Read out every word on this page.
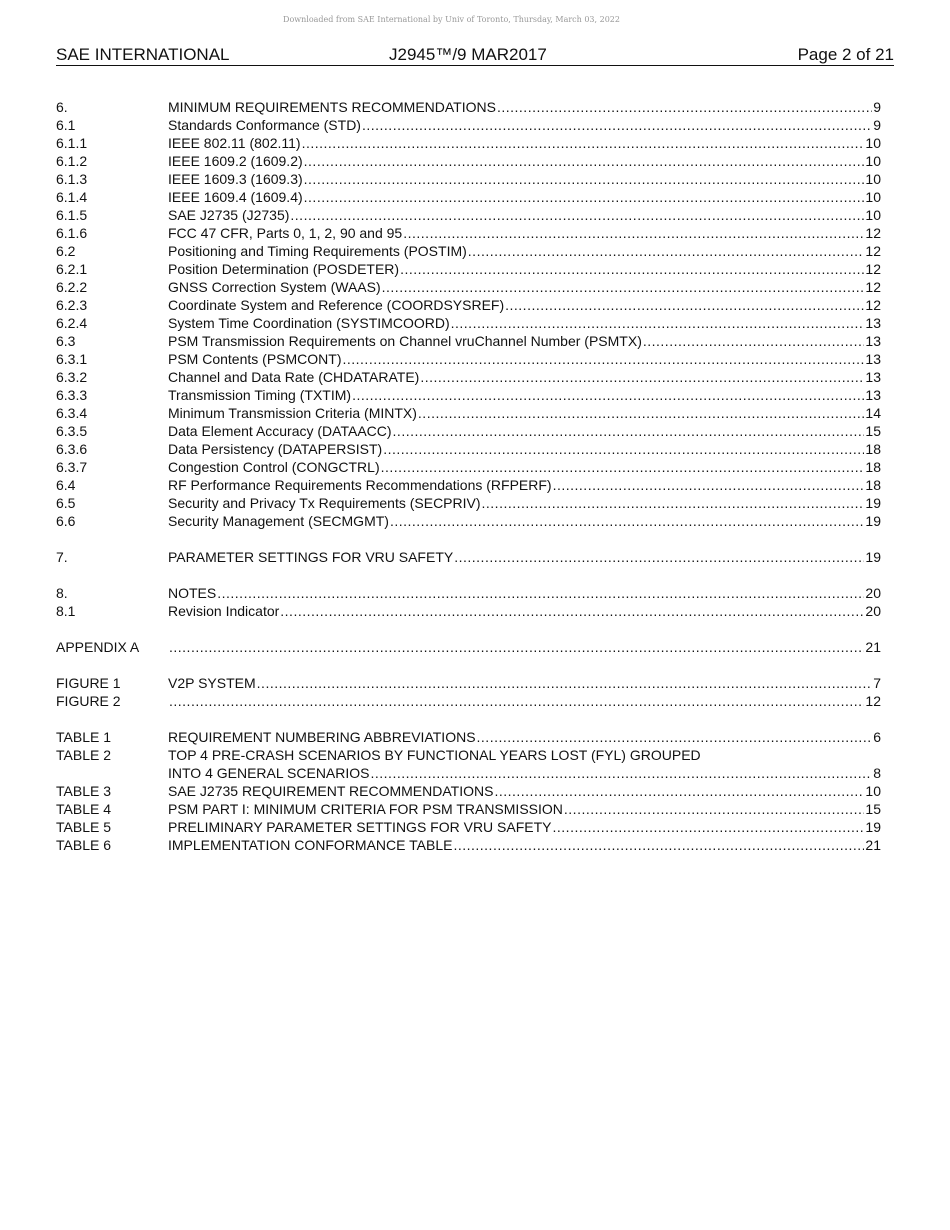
Downloaded from SAE International by Univ of Toronto, Thursday, March 03, 2022
SAE INTERNATIONAL	J2945™/9 MAR2017	Page 2 of 21
6.	MINIMUM REQUIREMENTS RECOMMENDATIONS .....	9
6.1	Standards Conformance (STD) .....	9
6.1.1	IEEE 802.11 (802.11) .....	10
6.1.2	IEEE 1609.2 (1609.2) .....	10
6.1.3	IEEE 1609.3 (1609.3) .....	10
6.1.4	IEEE 1609.4 (1609.4) .....	10
6.1.5	SAE J2735 (J2735) .....	10
6.1.6	FCC 47 CFR, Parts 0, 1, 2, 90 and 95 .....	12
6.2	Positioning and Timing Requirements (POSTIM) .....	12
6.2.1	Position Determination (POSDETER) .....	12
6.2.2	GNSS Correction System (WAAS) .....	12
6.2.3	Coordinate System and Reference (COORDSYSREF) .....	12
6.2.4	System Time Coordination (SYSTIMCOORD) .....	13
6.3	PSM Transmission Requirements on Channel vruChannel Number (PSMTX) .....	13
6.3.1	PSM Contents (PSMCONT) .....	13
6.3.2	Channel and Data Rate (CHDATARATE) .....	13
6.3.3	Transmission Timing (TXTIM) .....	13
6.3.4	Minimum Transmission Criteria (MINTX) .....	14
6.3.5	Data Element Accuracy (DATAACC) .....	15
6.3.6	Data Persistency (DATAPERSIST) .....	18
6.3.7	Congestion Control (CONGCTRL) .....	18
6.4	RF Performance Requirements Recommendations (RFPERF) .....	18
6.5	Security and Privacy Tx Requirements (SECPRIV) .....	19
6.6	Security Management (SECMGMT) .....	19
7.	PARAMETER SETTINGS FOR VRU SAFETY .....	19
8.	NOTES .....	20
8.1	Revision Indicator .....	20
APPENDIX A .....	21
FIGURE 1	V2P SYSTEM .....	7
FIGURE 2 .....	12
TABLE 1	REQUIREMENT NUMBERING ABBREVIATIONS .....	6
TABLE 2	TOP 4 PRE-CRASH SCENARIOS BY FUNCTIONAL YEARS LOST (FYL) GROUPED
INTO 4 GENERAL SCENARIOS .....	8
TABLE 3	SAE J2735 REQUIREMENT RECOMMENDATIONS .....	10
TABLE 4	PSM PART I: MINIMUM CRITERIA FOR PSM TRANSMISSION .....	15
TABLE 5	PRELIMINARY PARAMETER SETTINGS FOR VRU SAFETY .....	19
TABLE 6	IMPLEMENTATION CONFORMANCE TABLE .....	21
